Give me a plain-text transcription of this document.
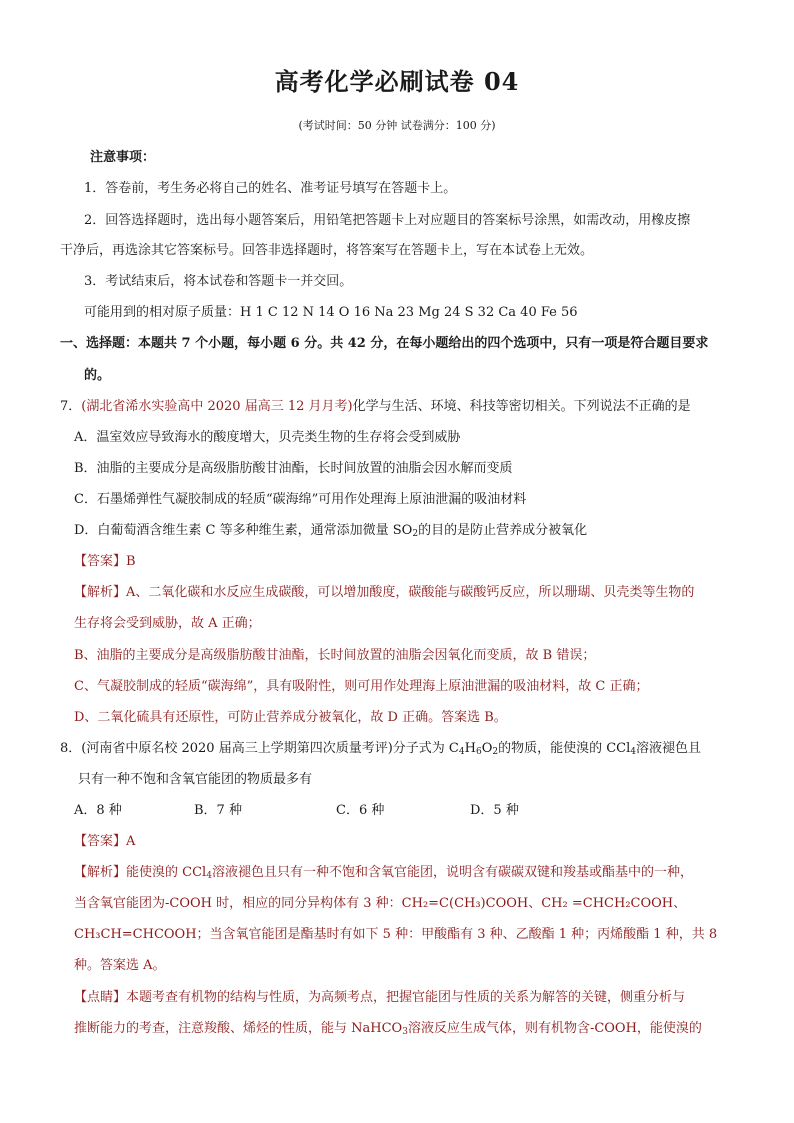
高考化学必刷试卷 04
(考试时间：50 分钟 试卷满分：100 分)
注意事项：
1．答卷前，考生务必将自己的姓名、准考证号填写在答题卡上。
2．回答选择题时，选出每小题答案后，用铅笔把答题卡上对应题目的答案标号涂黑，如需改动，用橡皮擦
干净后，再选涂其它答案标号。回答非选择题时，将答案写在答题卡上，写在本试卷上无效。
3．考试结束后，将本试卷和答题卡一并交回。
可能用到的相对原子质量：H 1 C 12 N 14 O 16 Na 23 Mg 24 S 32 Ca 40 Fe 56
一、选择题：本题共 7 个小题，每小题 6 分。共 42 分，在每小题给出的四个选项中，只有一项是符合题目要求
的。
7．(湖北省浠水实验高中 2020 届高三 12 月月考)化学与生活、环境、科技等密切相关。下列说法不正确的是
A．温室效应导致海水的酸度增大，贝壳类生物的生存将会受到威胁
B．油脂的主要成分是高级脂肪酸甘油酯，长时间放置的油脂会因水解而变质
C．石墨烯弹性气凝胶制成的轻质“碳海绵”可用作处理海上原油泄漏的吸油材料
D．白葡萄酒含维生素 C 等多种维生素，通常添加微量 $SO_2$的目的是防止营养成分被氧化
【答案】B
【解析】A、二氧化碳和水反应生成碳酸，可以增加酸度，碳酸能与碳酸钙反应，所以珊瑚、贝壳类等生物的
生存将会受到威胁，故 A 正确；
B、油脂的主要成分是高级脂肪酸甘油酯，长时间放置的油脂会因氧化而变质，故 B 错误；
C、气凝胶制成的轻质“碳海绵”，具有吸附性，则可用作处理海上原油泄漏的吸油材料，故 C 正确；
D、二氧化硫具有还原性，可防止营养成分被氧化，故 D 正确。答案选 B。
8．(河南省中原名校 2020 届高三上学期第四次质量考评)分子式为 $C_4H_6O_2$的物质，能使溴的 CCl$_4$溶液褪色且
只有一种不饱和含氧官能团的物质最多有
A．8 种	B．7 种	C．6 种	D．5 种
【答案】A
【解析】能使溴的 CCl$_4$溶液褪色且只有一种不饱和含氧官能团，说明含有碳碳双键和羧基或酯基中的一种，
当含氧官能团为-COOH 时，相应的同分异构体有 3 种：CH₂=C(CH₃)COOH、CH₂ =CHCH₂COOH、
CH₃CH=CHCOOH；当含氧官能团是酯基时有如下 5 种：甲酸酯有 3 种、乙酸酯 1 种；丙烯酸酯 1 种，共 8
种。答案选 A。
【点睛】本题考查有机物的结构与性质，为高频考点，把握官能团与性质的关系为解答的关键，侧重分析与
推断能力的考查，注意羧酸、烯烃的性质，能与 NaHCO$_3$溶液反应生成气体，则有机物含-COOH，能使溴的
